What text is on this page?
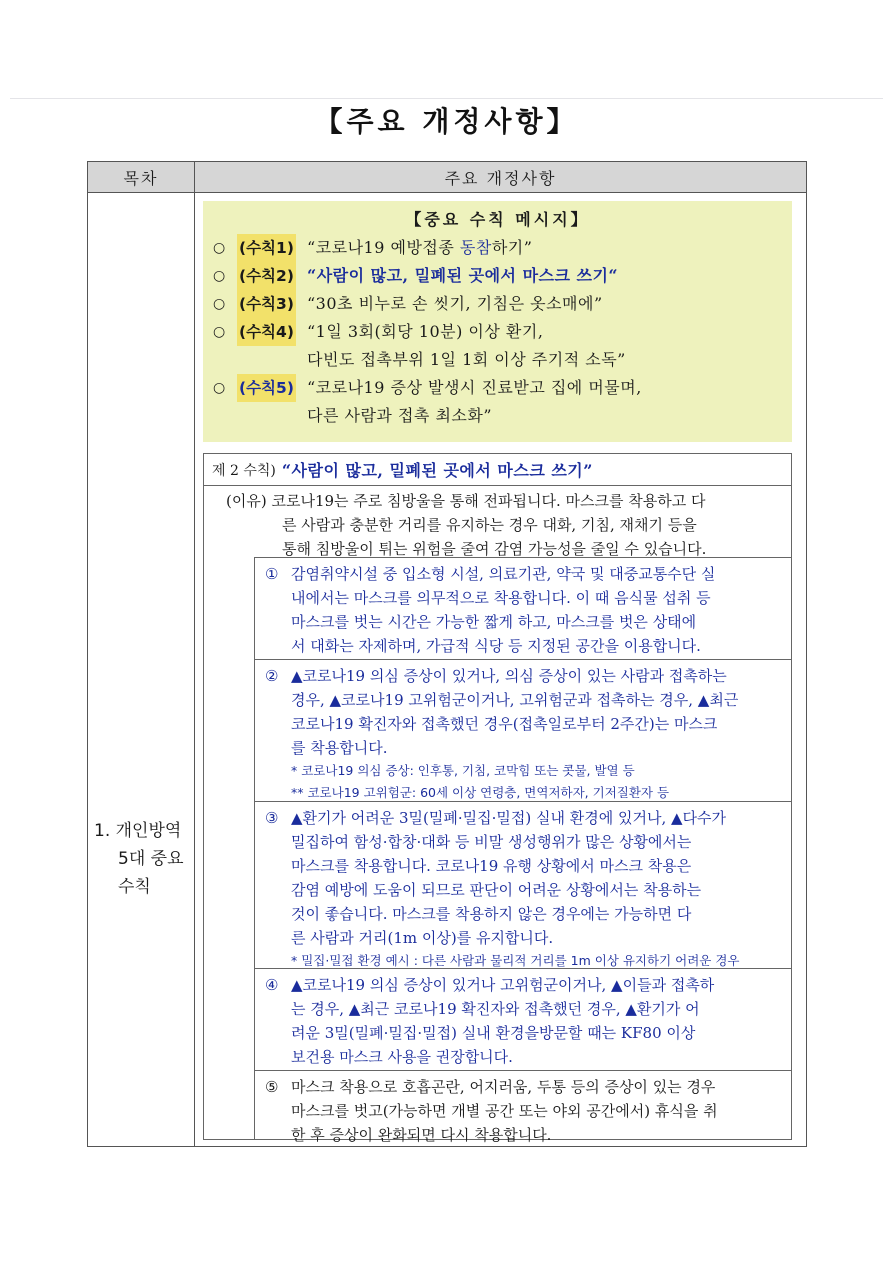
【주요 개정사항】
목차	주요 개정사항
1. 개인방역
5대 중요
수칙
【중요 수칙 메시지】
○ (수칙1) “코로나19 예방접종 동참하기”
○ (수칙2) “사람이 많고, 밀폐된 곳에서 마스크 쓰기“
○ (수칙3) “30초 비누로 손 씻기, 기침은 옷소매에”
○ (수칙4) “1일 3회(회당 10분) 이상 환기,
다빈도 접촉부위 1일 1회 이상 주기적 소독”
○ (수칙5) “코로나19 증상 발생시 진료받고 집에 머물며,
다른 사람과 접촉 최소화”
제 2 수칙) “사람이 많고, 밀폐된 곳에서 마스크 쓰기”
(이유) 코로나19는 주로 침방울을 통해 전파됩니다. 마스크를 착용하고 다
른 사람과 충분한 거리를 유지하는 경우 대화, 기침, 재채기 등을
통해 침방울이 튀는 위험을 줄여 감염 가능성을 줄일 수 있습니다.
① 감염취약시설 중 입소형 시설, 의료기관, 약국 및 대중교통수단 실
내에서는 마스크를 의무적으로 착용합니다. 이 때 음식물 섭취 등
마스크를 벗는 시간은 가능한 짧게 하고, 마스크를 벗은 상태에
서 대화는 자제하며, 가급적 식당 등 지정된 공간을 이용합니다.
② ▲코로나19 의심 증상이 있거나, 의심 증상이 있는 사람과 접촉하는
경우, ▲코로나19 고위험군이거나, 고위험군과 접촉하는 경우, ▲최근
코로나19 확진자와 접촉했던 경우(접촉일로부터 2주간)는 마스크
를 착용합니다.
* 코로나19 의심 증상: 인후통, 기침, 코막힘 또는 콧물, 발열 등
** 코로나19 고위험군: 60세 이상 연령층, 면역저하자, 기저질환자 등
③ ▲환기가 어려운 3밀(밀폐·밀집·밀접) 실내 환경에 있거나, ▲다수가
밀집하여 함성·합창·대화 등 비말 생성행위가 많은 상황에서는
마스크를 착용합니다. 코로나19 유행 상황에서 마스크 착용은
감염 예방에 도움이 되므로 판단이 어려운 상황에서는 착용하는
것이 좋습니다. 마스크를 착용하지 않은 경우에는 가능하면 다
른 사람과 거리(1m 이상)를 유지합니다.
* 밀집·밀접 환경 예시 : 다른 사람과 물리적 거리를 1m 이상 유지하기 어려운 경우
④ ▲코로나19 의심 증상이 있거나 고위험군이거나, ▲이들과 접촉하
는 경우, ▲최근 코로나19 확진자와 접촉했던 경우, ▲환기가 어
려운 3밀(밀폐·밀집·밀접) 실내 환경을방문할 때는 KF80 이상
보건용 마스크 사용을 권장합니다.
⑤ 마스크 착용으로 호흡곤란, 어지러움, 두통 등의 증상이 있는 경우
마스크를 벗고(가능하면 개별 공간 또는 야외 공간에서) 휴식을 취
한 후 증상이 완화되면 다시 착용합니다.
